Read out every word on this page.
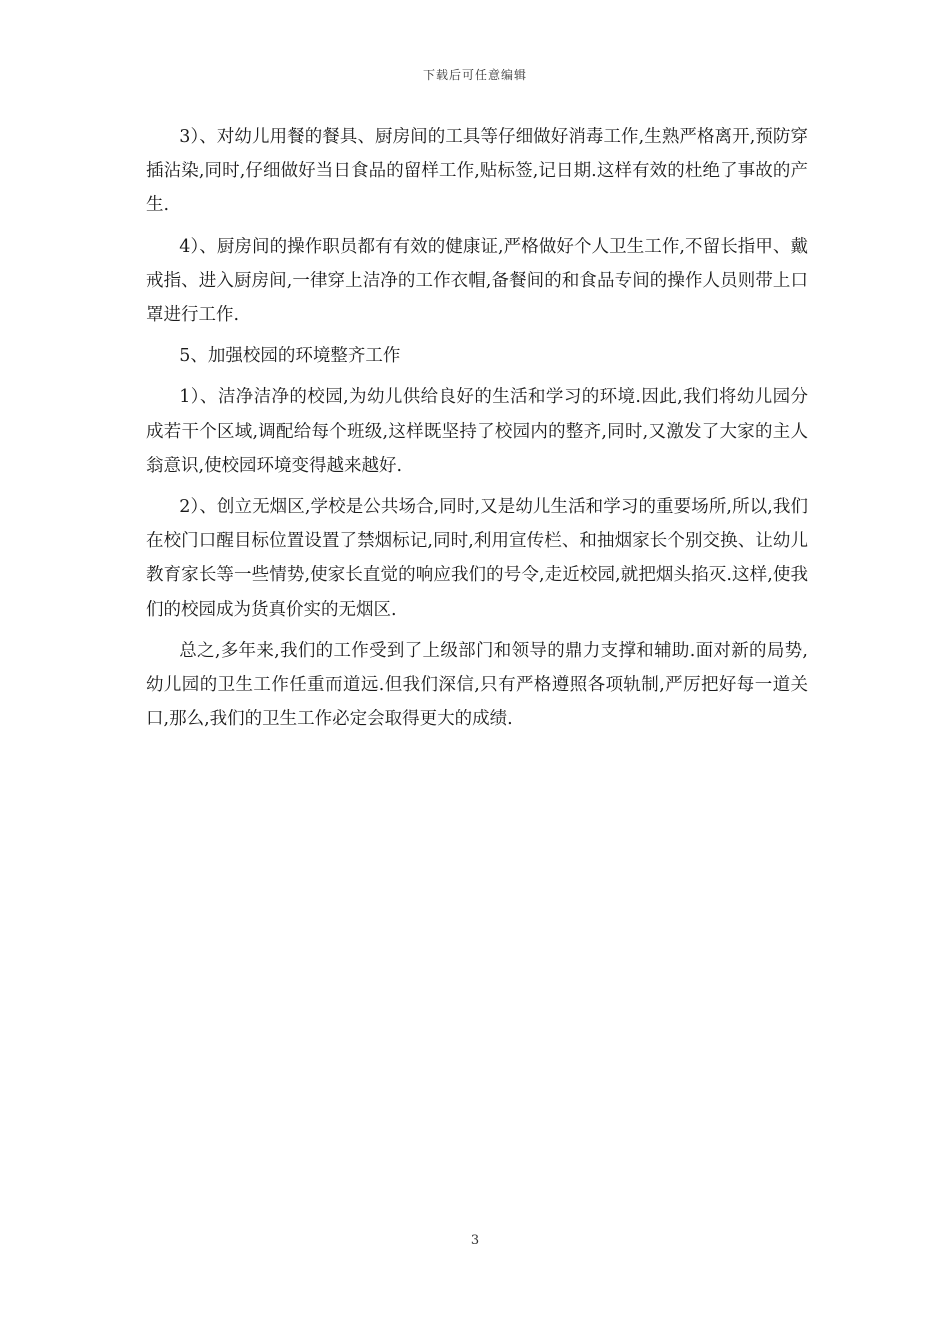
下载后可任意编辑

3）、对幼儿用餐的餐具、厨房间的工具等仔细做好消毒工作,生熟严格离开,预防穿插沾染,同时,仔细做好当日食品的留样工作,贴标签,记日期.这样有效的杜绝了事故的产生.

4）、厨房间的操作职员都有有效的健康证,严格做好个人卫生工作,不留长指甲、戴戒指、进入厨房间,一律穿上洁净的工作衣帽,备餐间的和食品专间的操作人员则带上口罩进行工作.

5、加强校园的环境整齐工作

1）、洁净洁净的校园,为幼儿供给良好的生活和学习的环境.因此,我们将幼儿园分成若干个区域,调配给每个班级,这样既坚持了校园内的整齐,同时,又激发了大家的主人翁意识,使校园环境变得越来越好.

2）、创立无烟区,学校是公共场合,同时,又是幼儿生活和学习的重要场所,所以,我们在校门口醒目标位置设置了禁烟标记,同时,利用宣传栏、和抽烟家长个别交换、让幼儿教育家长等一些情势,使家长直觉的响应我们的号令,走近校园,就把烟头掐灭.这样,使我们的校园成为货真价实的无烟区.

总之,多年来,我们的工作受到了上级部门和领导的鼎力支撑和辅助.面对新的局势,幼儿园的卫生工作任重而道远.但我们深信,只有严格遵照各项轨制,严厉把好每一道关口,那么,我们的卫生工作必定会取得更大的成绩.

3
